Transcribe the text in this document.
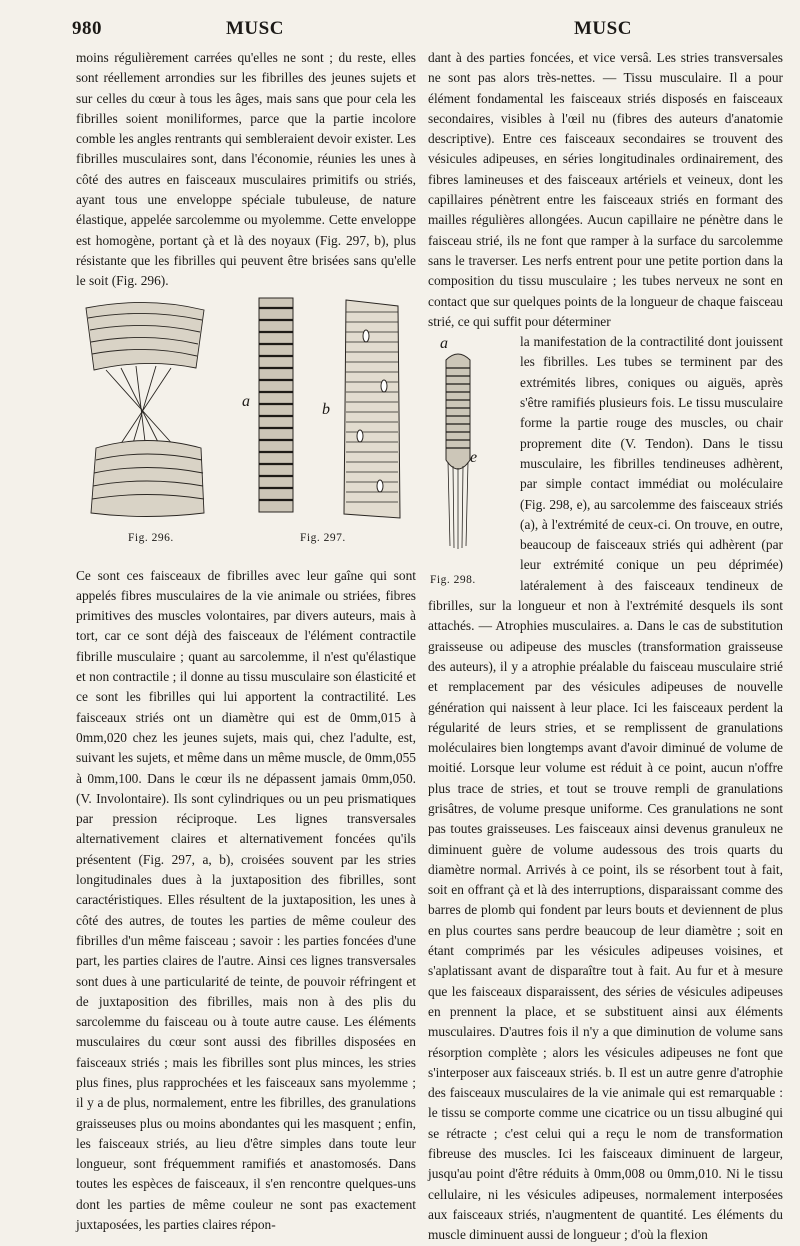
980	MUSC	MUSC

moins régulièrement carrées qu'elles ne sont ; du reste, elles sont réellement arrondies sur les fibrilles des jeunes sujets et sur celles du cœur à tous les âges, mais sans que pour cela les fibrilles soient moniliformes, parce que la partie incolore comble les angles rentrants qui sembleraient devoir exister. Les fibrilles musculaires sont, dans l'économie, réunies les unes à côté des autres en faisceaux musculaires primitifs ou striés, ayant tous une enveloppe spéciale tubuleuse, de nature élastique, appelée sarcolemme ou myolemme. Cette enveloppe est homogène, portant çà et là des noyaux (Fig. 297, b), plus résistante que les fibrilles qui peuvent être brisées sans qu'elle le soit (Fig. 296).

a	b
Fig. 296.	Fig. 297.

Ce sont ces faisceaux de fibrilles avec leur gaîne qui sont appelés fibres musculaires de la vie animale ou striées, fibres primitives des muscles volontaires, par divers auteurs, mais à tort, car ce sont déjà des faisceaux de l'élément contractile fibrille musculaire ; quant au sarcolemme, il n'est qu'élastique et non contractile ; il donne au tissu musculaire son élasticité et ce sont les fibrilles qui lui apportent la contractilité. Les faisceaux striés ont un diamètre qui est de 0mm,015 à 0mm,020 chez les jeunes sujets, mais qui, chez l'adulte, est, suivant les sujets, et même dans un même muscle, de 0mm,055 à 0mm,100. Dans le cœur ils ne dépassent jamais 0mm,050. (V. Involontaire). Ils sont cylindriques ou un peu prismatiques par pression réciproque. Les lignes transversales alternativement claires et alternativement foncées qu'ils présentent (Fig. 297, a, b), croisées souvent par les stries longitudinales dues à la juxtaposition des fibrilles, sont caractéristiques. Elles résultent de la juxtaposition, les unes à côté des autres, de toutes les parties de même couleur des fibrilles d'un même faisceau ; savoir : les parties foncées d'une part, les parties claires de l'autre. Ainsi ces lignes transversales sont dues à une particularité de teinte, de pouvoir réfringent et de juxtaposition des fibrilles, mais non à des plis du sarcolemme du faisceau ou à toute autre cause. Les éléments musculaires du cœur sont aussi des fibrilles disposées en faisceaux striés ; mais les fibrilles sont plus minces, les stries plus fines, plus rapprochées et les faisceaux sans myolemme ; il y a de plus, normalement, entre les fibrilles, des granulations graisseuses plus ou moins abondantes qui les masquent ; enfin, les faisceaux striés, au lieu d'être simples dans toute leur longueur, sont fréquemment ramifiés et anastomosés. Dans toutes les espèces de faisceaux, il s'en rencontre quelques-uns dont les parties de même couleur ne sont pas exactement juxtaposées, les parties claires répon-

dant à des parties foncées, et vice versâ. Les stries transversales ne sont pas alors très-nettes. — Tissu musculaire. Il a pour élément fondamental les faisceaux striés disposés en faisceaux secondaires, visibles à l'œil nu (fibres des auteurs d'anatomie descriptive). Entre ces faisceaux secondaires se trouvent des vésicules adipeuses, en séries longitudinales ordinairement, des fibres lamineuses et des faisceaux artériels et veineux, dont les capillaires pénètrent entre les faisceaux striés en formant des mailles régulières allongées. Aucun capillaire ne pénètre dans le faisceau strié, ils ne font que ramper à la surface du sarcolemme sans le traverser. Les nerfs entrent pour une petite portion dans la composition du tissu musculaire ; les tubes nerveux ne sont en contact que sur quelques points de la longueur de chaque faisceau strié, ce qui suffit pour déterminer

a
e
Fig. 298.

la manifestation de la contractilité dont jouissent les fibrilles. Les tubes se terminent par des extrémités libres, coniques ou aiguës, après s'être ramifiés plusieurs fois. Le tissu musculaire forme la partie rouge des muscles, ou chair proprement dite (V. Tendon). Dans le tissu musculaire, les fibrilles tendineuses adhèrent, par simple contact immédiat ou moléculaire (Fig. 298, e), au sarcolemme des faisceaux striés (a), à l'extrémité de ceux-ci. On trouve, en outre, beaucoup de faisceaux striés qui adhèrent (par leur extrémité conique un peu déprimée) latéralement à des faisceaux tendineux de fibrilles, sur la longueur et non à l'extrémité desquels ils sont attachés. — Atrophies musculaires. a. Dans le cas de substitution graisseuse ou adipeuse des muscles (transformation graisseuse des auteurs), il y a atrophie préalable du faisceau musculaire strié et remplacement par des vésicules adipeuses de nouvelle génération qui naissent à leur place. Ici les faisceaux perdent la régularité de leurs stries, et se remplissent de granulations moléculaires bien longtemps avant d'avoir diminué de volume de moitié. Lorsque leur volume est réduit à ce point, aucun n'offre plus trace de stries, et tout se trouve rempli de granulations grisâtres, de volume presque uniforme. Ces granulations ne sont pas toutes graisseuses. Les faisceaux ainsi devenus granuleux ne diminuent guère de volume audessous des trois quarts du diamètre normal. Arrivés à ce point, ils se résorbent tout à fait, soit en offrant çà et là des interruptions, disparaissant comme des barres de plomb qui fondent par leurs bouts et deviennent de plus en plus courtes sans perdre beaucoup de leur diamètre ; soit en étant comprimés par les vésicules adipeuses voisines, et s'aplatissant avant de disparaître tout à fait. Au fur et à mesure que les faisceaux disparaissent, des séries de vésicules adipeuses en prennent la place, et se substituent ainsi aux éléments musculaires. D'autres fois il n'y a que diminution de volume sans résorption complète ; alors les vésicules adipeuses ne font que s'interposer aux faisceaux striés. b. Il est un autre genre d'atrophie des faisceaux musculaires de la vie animale qui est remarquable : le tissu se comporte comme une cicatrice ou un tissu albuginé qui se rétracte ; c'est celui qui a reçu le nom de transformation fibreuse des muscles. Ici les faisceaux diminuent de largeur, jusqu'au point d'être réduits à 0mm,008 ou 0mm,010. Ni le tissu cellulaire, ni les vésicules adipeuses, normalement interposées aux faisceaux striés, n'augmentent de quantité. Les éléments du muscle diminuent aussi de longueur ; d'où la flexion
